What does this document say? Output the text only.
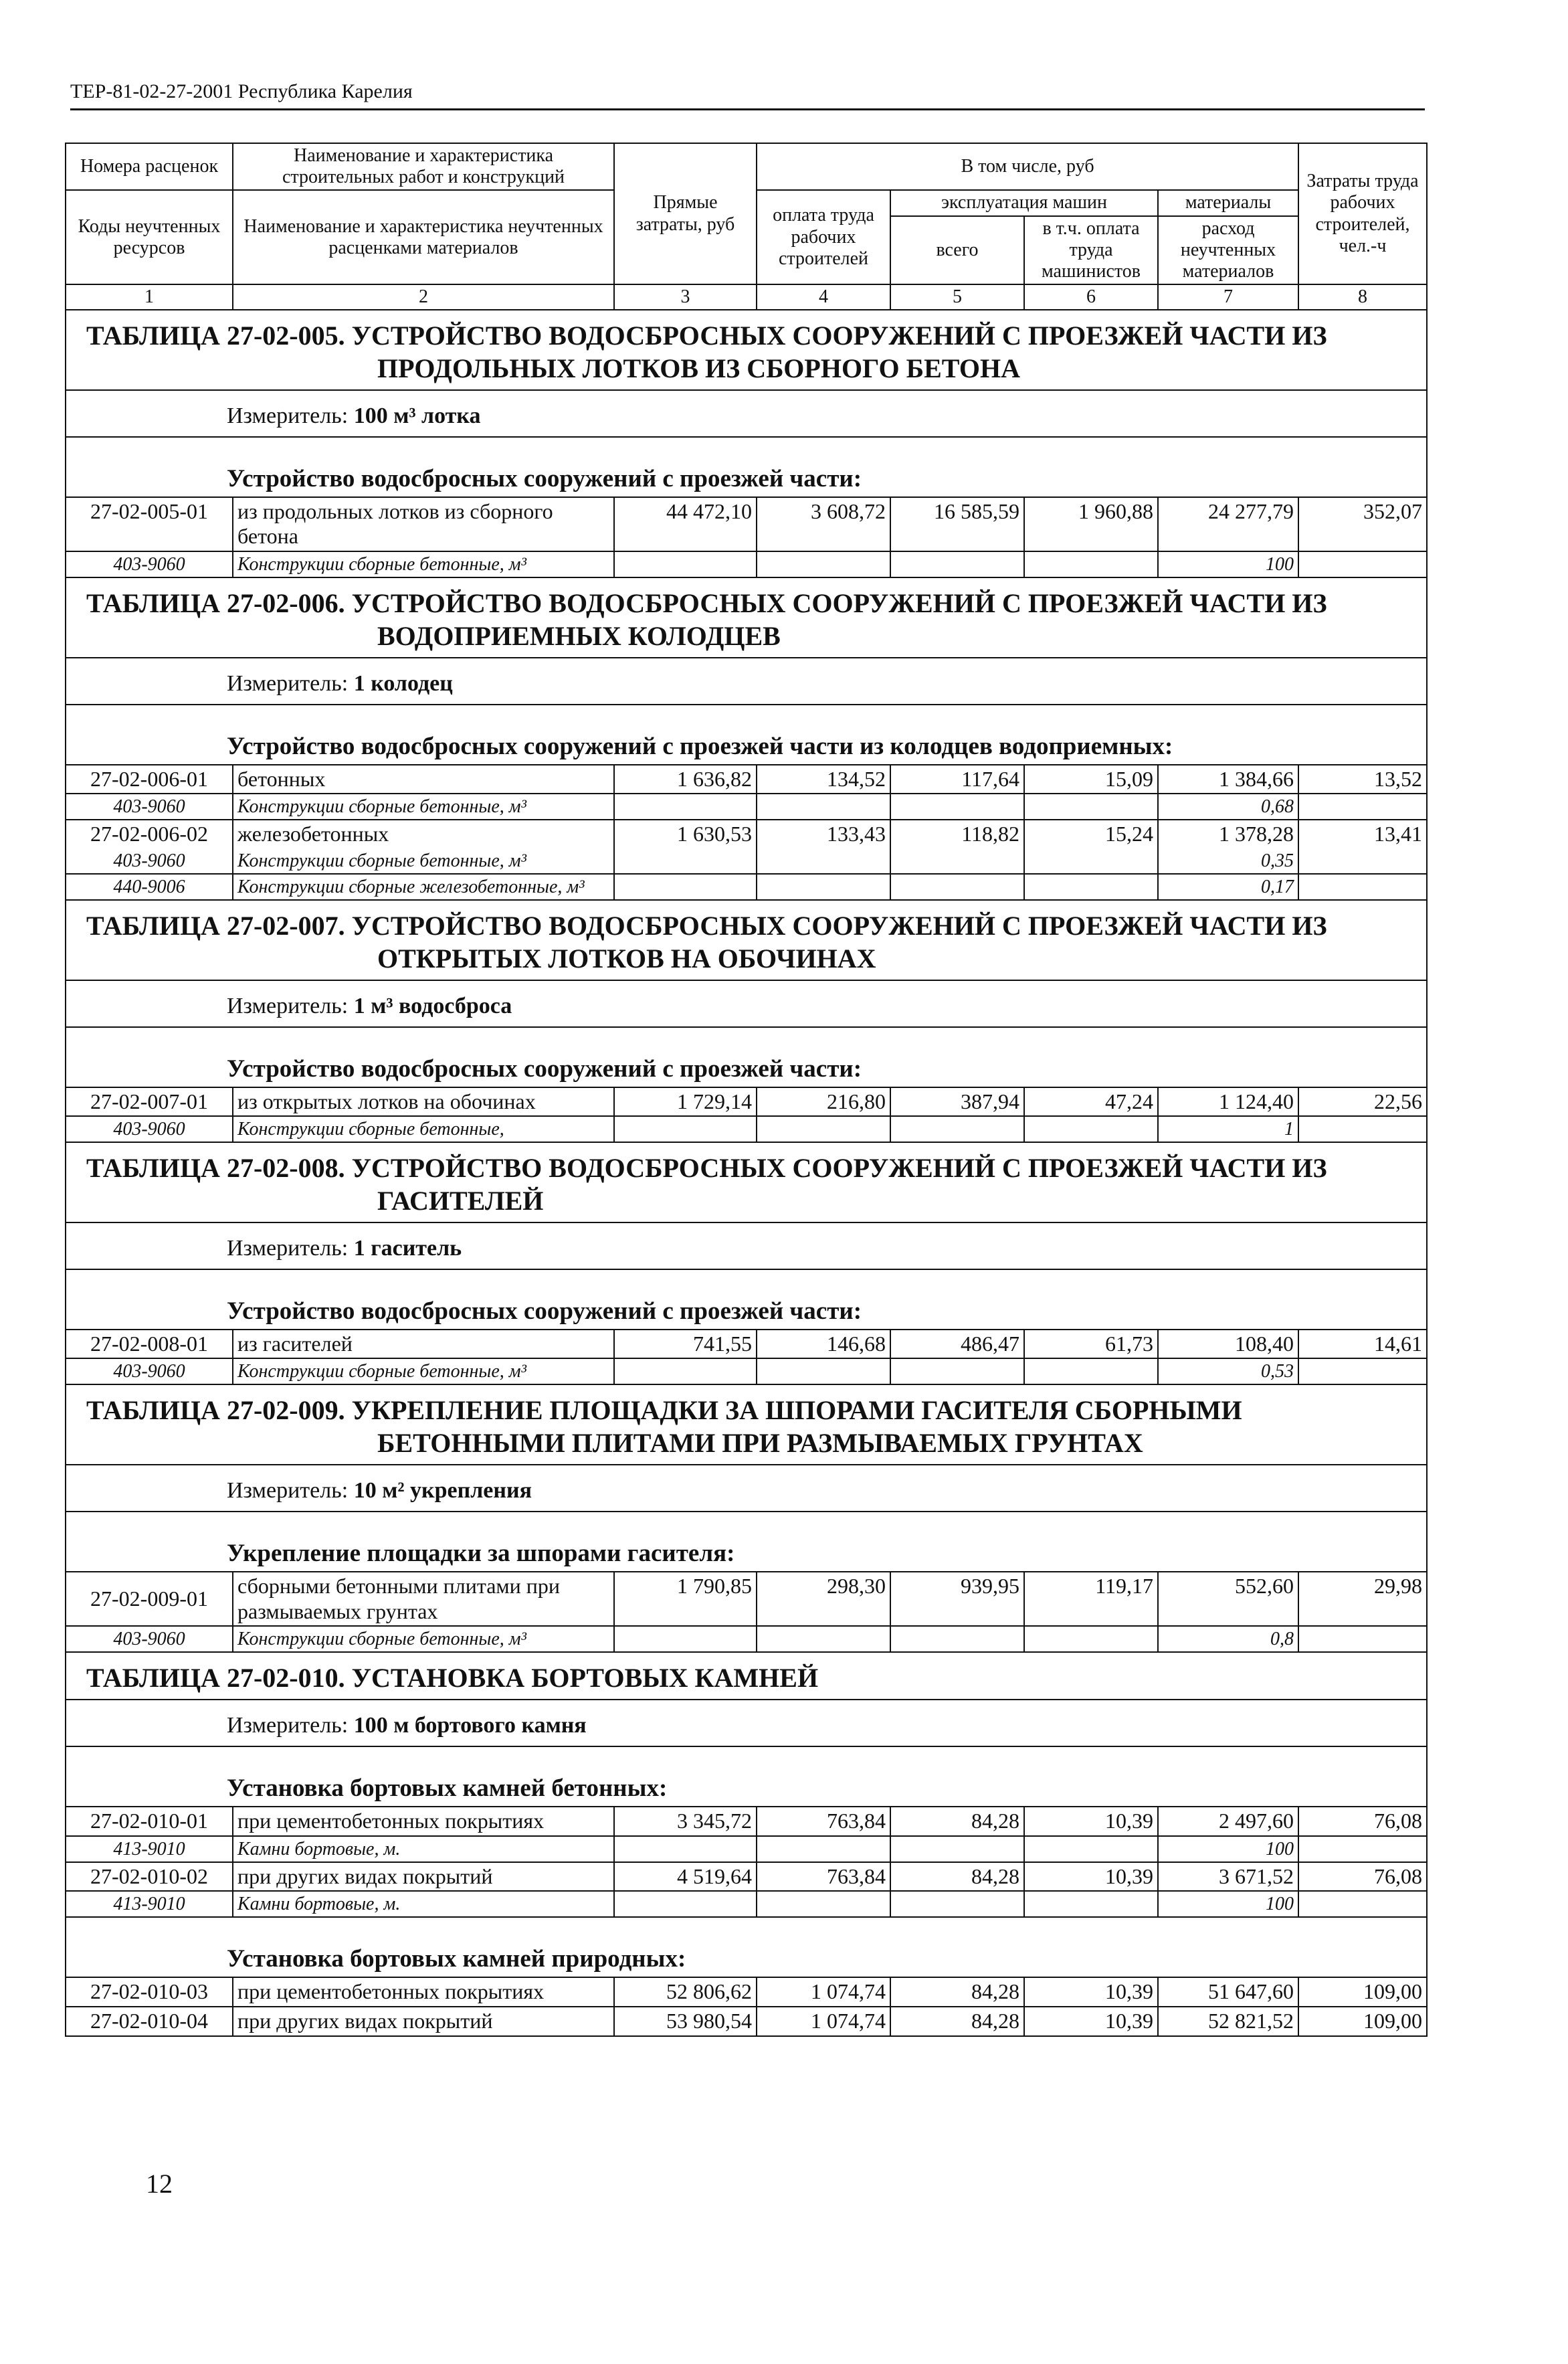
ТЕР-81-02-27-2001 Республика Карелия
Номера расценок	Наименование и характеристика строительных работ и конструкций	Прямые затраты, руб	В том числе, руб				Затраты труда рабочих строителей, чел.-ч
Коды неучтенных ресурсов	Наименование и характеристика неучтенных расценками материалов		оплата труда рабочих строителей	эксплуатация машин		материалы	
				всего	в т.ч. оплата труда машинистов	расход неучтенных материалов	
1	2	3	4	5	6	7	8
ТАБЛИЦА 27-02-005. УСТРОЙСТВО ВОДОСБРОСНЫХ СООРУЖЕНИЙ С ПРОЕЗЖЕЙ ЧАСТИ ИЗ
ПРОДОЛЬНЫХ ЛОТКОВ ИЗ СБОРНОГО БЕТОНА							

Измеритель: 100 м³ лотка							
Устройство водосбросных сооружений с проезжей части:							
27-02-005-01	из продольных лотков из сборного бетона	44 472,10	3 608,72	16 585,59	1 960,88	24 277,79	352,07
403-9060	Конструкции сборные бетонные, м³					100	
ТАБЛИЦА 27-02-006. УСТРОЙСТВО ВОДОСБРОСНЫХ СООРУЖЕНИЙ С ПРОЕЗЖЕЙ ЧАСТИ ИЗ
ВОДОПРИЕМНЫХ КОЛОДЦЕВ							

Измеритель: 1 колодец							
Устройство водосбросных сооружений с проезжей части из колодцев водоприемных:							
27-02-006-01	бетонных	1 636,82	134,52	117,64	15,09	1 384,66	13,52
403-9060	Конструкции сборные бетонные, м³					0,68	
27-02-006-02	железобетонных	1 630,53	133,43	118,82	15,24	1 378,28	13,41
403-9060	Конструкции сборные бетонные, м³					0,35	
440-9006	Конструкции сборные железобетонные, м³					0,17	
ТАБЛИЦА 27-02-007. УСТРОЙСТВО ВОДОСБРОСНЫХ СООРУЖЕНИЙ С ПРОЕЗЖЕЙ ЧАСТИ ИЗ
ОТКРЫТЫХ ЛОТКОВ НА ОБОЧИНАХ							

Измеритель: 1 м³ водосброса							
Устройство водосбросных сооружений с проезжей части:							
27-02-007-01	из открытых лотков на обочинах	1 729,14	216,80	387,94	47,24	1 124,40	22,56
403-9060	Конструкции сборные бетонные,					1	
ТАБЛИЦА 27-02-008. УСТРОЙСТВО ВОДОСБРОСНЫХ СООРУЖЕНИЙ С ПРОЕЗЖЕЙ ЧАСТИ ИЗ
ГАСИТЕЛЕЙ							

Измеритель: 1 гаситель							
Устройство водосбросных сооружений с проезжей части:							
27-02-008-01	из гасителей	741,55	146,68	486,47	61,73	108,40	14,61
403-9060	Конструкции сборные бетонные, м³					0,53	
ТАБЛИЦА 27-02-009. УКРЕПЛЕНИЕ ПЛОЩАДКИ ЗА ШПОРАМИ ГАСИТЕЛЯ СБОРНЫМИ
БЕТОННЫМИ ПЛИТАМИ ПРИ РАЗМЫВАЕМЫХ ГРУНТАХ							

Измеритель: 10 м² укрепления							
Укрепление площадки за шпорами гасителя:							
27-02-009-01	сборными бетонными плитами при размываемых грунтах	1 790,85	298,30	939,95	119,17	552,60	29,98
403-9060	Конструкции сборные бетонные, м³					0,8	
ТАБЛИЦА 27-02-010. УСТАНОВКА БОРТОВЫХ КАМНЕЙ							
Измеритель: 100 м бортового камня							
Установка бортовых камней бетонных:							
27-02-010-01	при цементобетонных покрытиях	3 345,72	763,84	84,28	10,39	2 497,60	76,08
413-9010	Камни бортовые, м.					100	
27-02-010-02	при других видах покрытий	4 519,64	763,84	84,28	10,39	3 671,52	76,08
413-9010	Камни бортовые, м.					100	
Установка бортовых камней природных:							
27-02-010-03	при цементобетонных покрытиях	52 806,62	1 074,74	84,28	10,39	51 647,60	109,00
27-02-010-04	при других видах покрытий	53 980,54	1 074,74	84,28	10,39	52 821,52	109,00
12
